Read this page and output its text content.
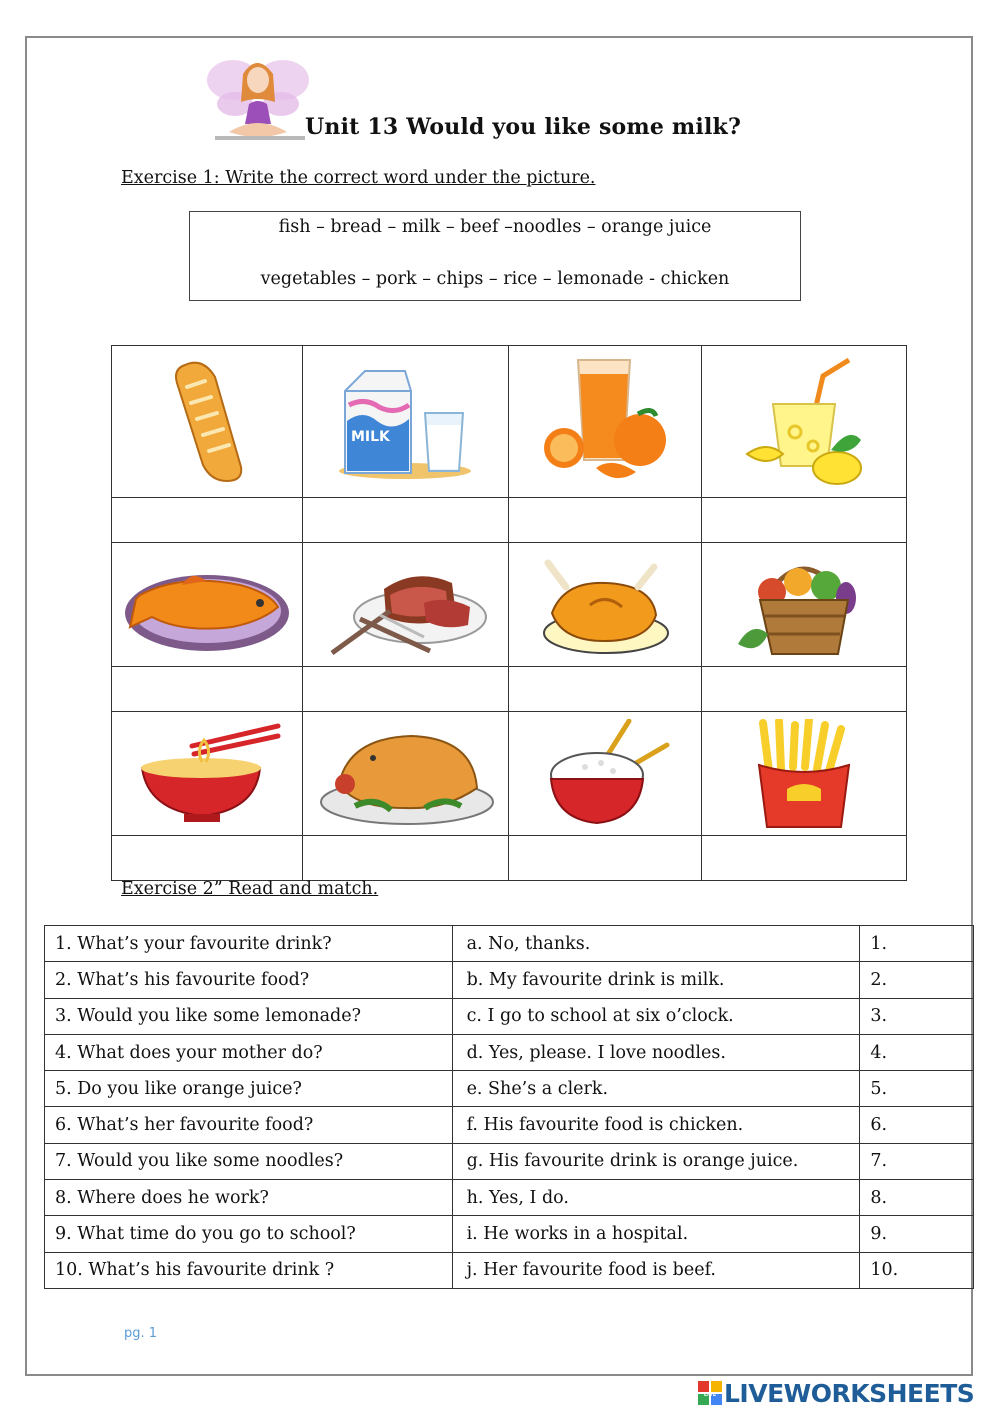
Unit 13 Would you like some milk?
Exercise 1: Write the correct word under the picture.
fish – bread – milk – beef –noodles – orange juice
vegetables – pork – chips – rice – lemonade - chicken

MILK

Exercise 2” Read and match.
1. What’s your favourite drink?	a. No, thanks.	1.
2. What’s his favourite food?	b. My favourite drink is milk.	2.
3. Would you like some lemonade?	c. I go to school at six o’clock.	3.
4. What does your mother do?	d. Yes, please. I love noodles.	4.
5. Do you like orange juice?	e. She’s a clerk.	5.
6. What’s her favourite food?	f. His favourite food is chicken.	6.
7. Would you like some noodles?	g. His favourite drink is orange juice.	7.
8. Where does he work?	h. Yes, I do.	8.
9. What time do you go to school?	i. He works in a hospital.	9.
10. What’s his favourite drink ?	j. Her favourite food is beef.	10.
pg. 1
LIVE LIVEWORKSHEETS
